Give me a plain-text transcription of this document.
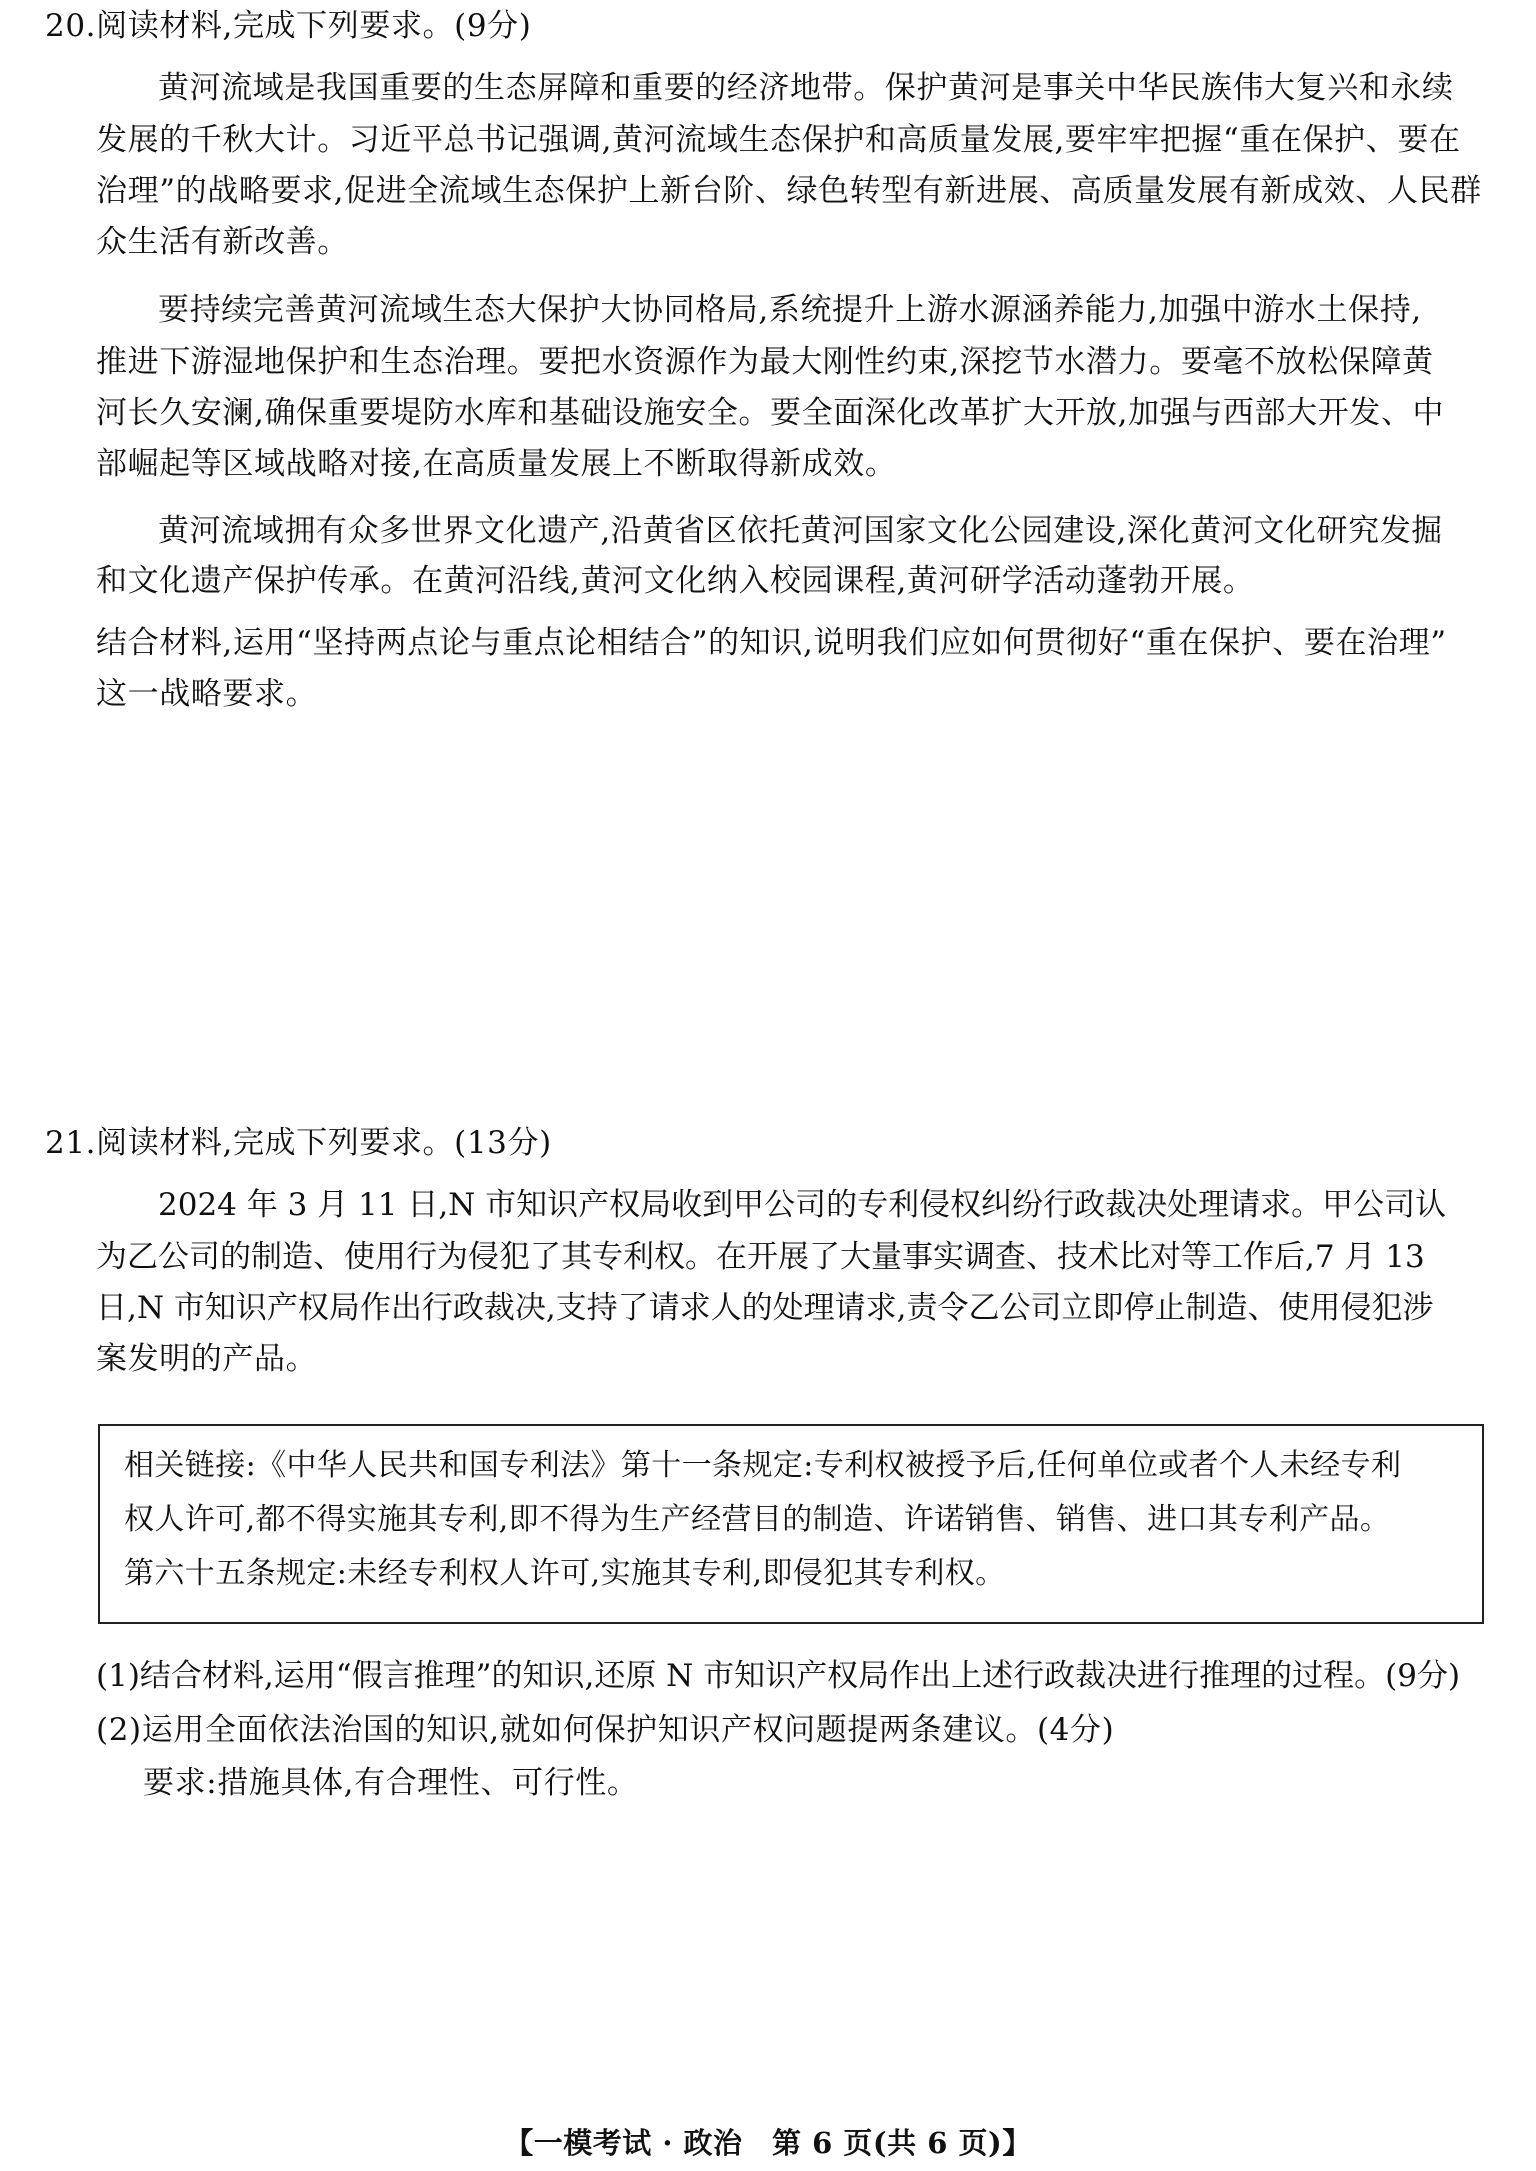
20.阅读材料,完成下列要求。(9分)
黄河流域是我国重要的生态屏障和重要的经济地带。保护黄河是事关中华民族伟大复兴和永续
发展的千秋大计。习近平总书记强调,黄河流域生态保护和高质量发展,要牢牢把握“重在保护、要在
治理”的战略要求,促进全流域生态保护上新台阶、绿色转型有新进展、高质量发展有新成效、人民群
众生活有新改善。
要持续完善黄河流域生态大保护大协同格局,系统提升上游水源涵养能力,加强中游水土保持,
推进下游湿地保护和生态治理。要把水资源作为最大刚性约束,深挖节水潜力。要毫不放松保障黄
河长久安澜,确保重要堤防水库和基础设施安全。要全面深化改革扩大开放,加强与西部大开发、中
部崛起等区域战略对接,在高质量发展上不断取得新成效。
黄河流域拥有众多世界文化遗产,沿黄省区依托黄河国家文化公园建设,深化黄河文化研究发掘
和文化遗产保护传承。在黄河沿线,黄河文化纳入校园课程,黄河研学活动蓬勃开展。
结合材料,运用“坚持两点论与重点论相结合”的知识,说明我们应如何贯彻好“重在保护、要在治理”
这一战略要求。
21.阅读材料,完成下列要求。(13分)
2024 年 3 月 11 日,N 市知识产权局收到甲公司的专利侵权纠纷行政裁决处理请求。甲公司认
为乙公司的制造、使用行为侵犯了其专利权。在开展了大量事实调查、技术比对等工作后,7 月 13
日,N 市知识产权局作出行政裁决,支持了请求人的处理请求,责令乙公司立即停止制造、使用侵犯涉
案发明的产品。
相关链接:《中华人民共和国专利法》第十一条规定:专利权被授予后,任何单位或者个人未经专利
权人许可,都不得实施其专利,即不得为生产经营目的制造、许诺销售、销售、进口其专利产品。
第六十五条规定:未经专利权人许可,实施其专利,即侵犯其专利权。
(1)结合材料,运用“假言推理”的知识,还原 N 市知识产权局作出上述行政裁决进行推理的过程。(9分)
(2)运用全面依法治国的知识,就如何保护知识产权问题提两条建议。(4分)
要求:措施具体,有合理性、可行性。
【一模考试 · 政治　第 6 页(共 6 页)】
